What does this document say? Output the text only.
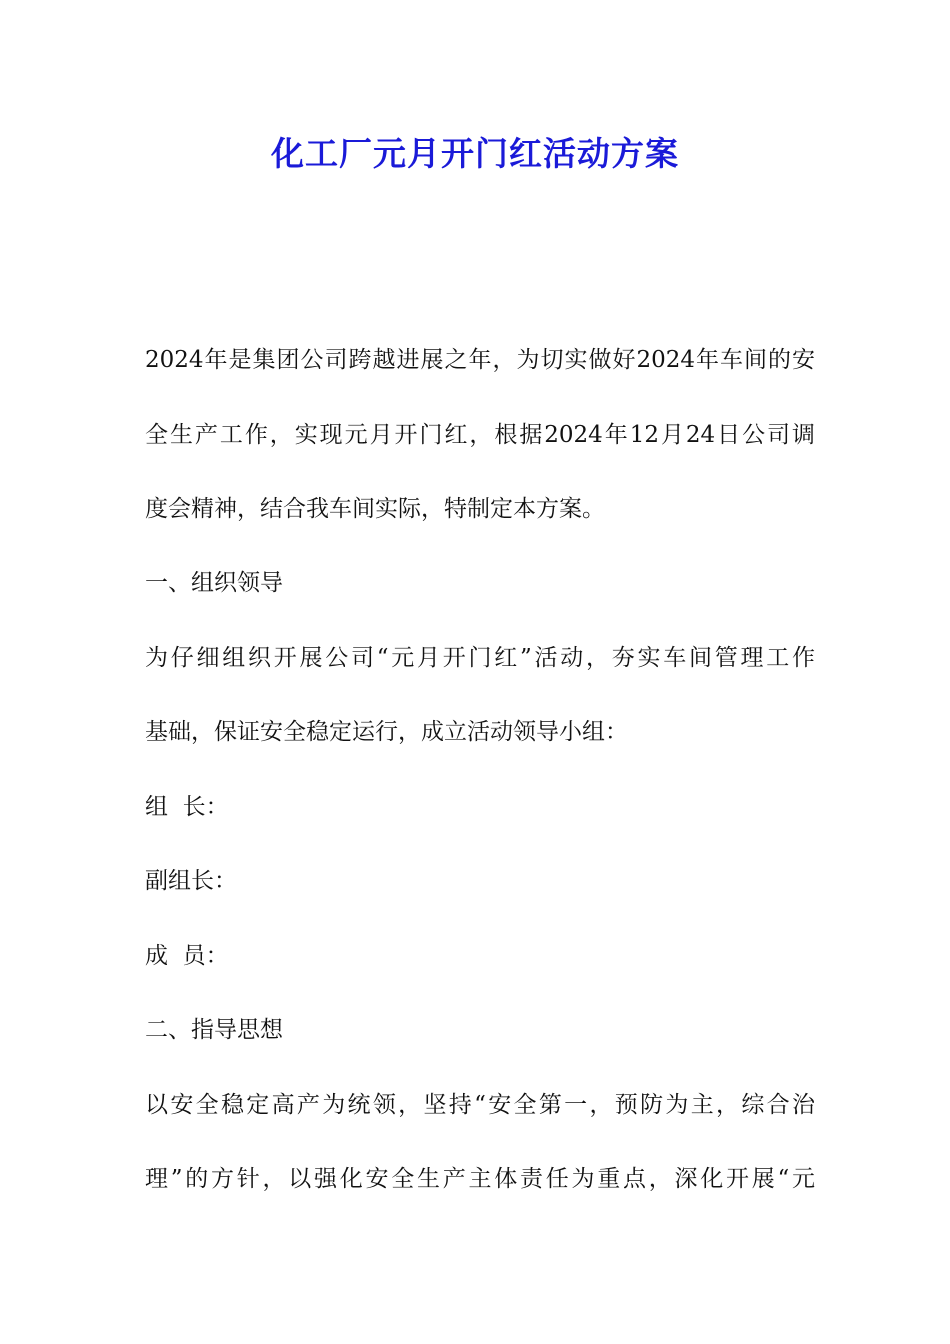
化工厂元月开门红活动方案

2024年是集团公司跨越进展之年，为切实做好2024年车间的安

全生产工作，实现元月开门红，根据2024年12月24日公司调

度会精神，结合我车间实际，特制定本方案。

一、组织领导

为仔细组织开展公司“元月开门红”活动，夯实车间管理工作

基础，保证安全稳定运行，成立活动领导小组：

组  长：

副组长：

成  员：

二、指导思想

以安全稳定高产为统领，坚持“安全第一，预防为主，综合治

理”的方针，以强化安全生产主体责任为重点，深化开展“元
